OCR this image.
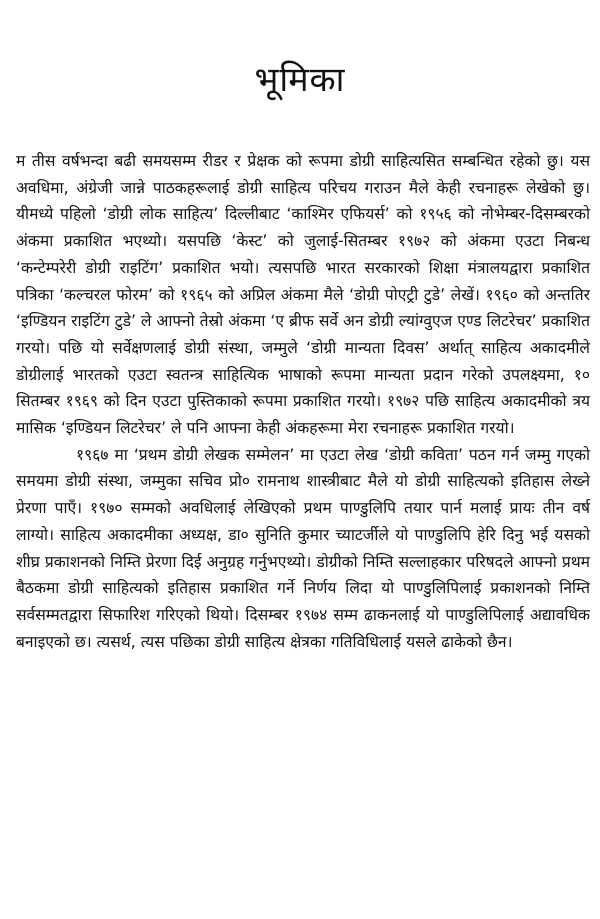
भूमिका

म तीस वर्षभन्दा बढी समयसम्म रीडर र प्रेक्षक को रूपमा डोग्री साहित्यसित सम्बन्धित रहेको छु। यस अवधिमा, अंग्रेजी जान्ने पाठकहरूलाई डोग्री साहित्य परिचय गराउन मैले केही रचनाहरू लेखेको छु। यीमध्ये पहिलो ‘डोग्री लोक साहित्य’ दिल्लीबाट ‘काश्मिर एफियर्स’ को १९५६ को नोभेम्बर-दिसम्बरको अंकमा प्रकाशित भएथ्यो। यसपछि ‘केस्ट’ को जुलाई-सितम्बर १९७२ को अंकमा एउटा निबन्ध ‘कन्टेम्परेरी डोग्री राइटिंग’ प्रकाशित भयो। त्यसपछि भारत सरकारको शिक्षा मंत्रालयद्वारा प्रकाशित पत्रिका ‘कल्चरल फोरम’ को १९६५ को अप्रिल अंकमा मैले ‘डोग्री पोएट्री टुडे’ लेखें। १९६० को अन्ततिर ‘इण्डियन राइटिंग टुडे’ ले आफ्नो तेस्रो अंकमा ‘ए ब्रीफ सर्वे अन डोग्री ल्यांग्वुएज एण्ड लिटरेचर’ प्रकाशित गरयो। पछि यो सर्वेक्षणलाई डोग्री संस्था, जम्मुले ‘डोग्री मान्यता दिवस’ अर्थात् साहित्य अकादमीले डोग्रीलाई भारतको एउटा स्वतन्त्र साहित्यिक भाषाको रूपमा मान्यता प्रदान गरेको उपलक्ष्यमा, १० सितम्बर १९६९ को दिन एउटा पुस्तिकाको रूपमा प्रकाशित गरयो। १९७२ पछि साहित्य अकादमीको त्रय मासिक ‘इण्डियन लिटरेचर’ ले पनि आफ्ना केही अंकहरूमा मेरा रचनाहरू प्रकाशित गरयो।

१९६७ मा ‘प्रथम डोग्री लेखक सम्मेलन’ मा एउटा लेख ‘डोग्री कविता’ पठन गर्न जम्मु गएको समयमा डोग्री संस्था, जम्मुका सचिव प्रो० रामनाथ शास्त्रीबाट मैले यो डोग्री साहित्यको इतिहास लेख्ने प्रेरणा पाएँ। १९७० सम्मको अवधिलाई लेखिएको प्रथम पाण्डुलिपि तयार पार्न मलाई प्रायः तीन वर्ष लाग्यो। साहित्य अकादमीका अध्यक्ष, डा० सुनिति कुमार च्याटर्जीले यो पाण्डुलिपि हेरि दिनु भई यसको शीघ्र प्रकाशनको निम्ति प्रेरणा दिई अनुग्रह गर्नुभएथ्यो। डोग्रीको निम्ति सल्लाहकार परिषदले आफ्नो प्रथम बैठकमा डोग्री साहित्यको इतिहास प्रकाशित गर्ने निर्णय लिदा यो पाण्डुलिपिलाई प्रकाशनको निम्ति सर्वसम्मतद्वारा सिफारिश गरिएको थियो। दिसम्बर १९७४ सम्म ढाकनलाई यो पाण्डुलिपिलाई अद्यावधिक बनाइएको छ। त्यसर्थ, त्यस पछिका डोग्री साहित्य क्षेत्रका गतिविधिलाई यसले ढाकेको छैन।
